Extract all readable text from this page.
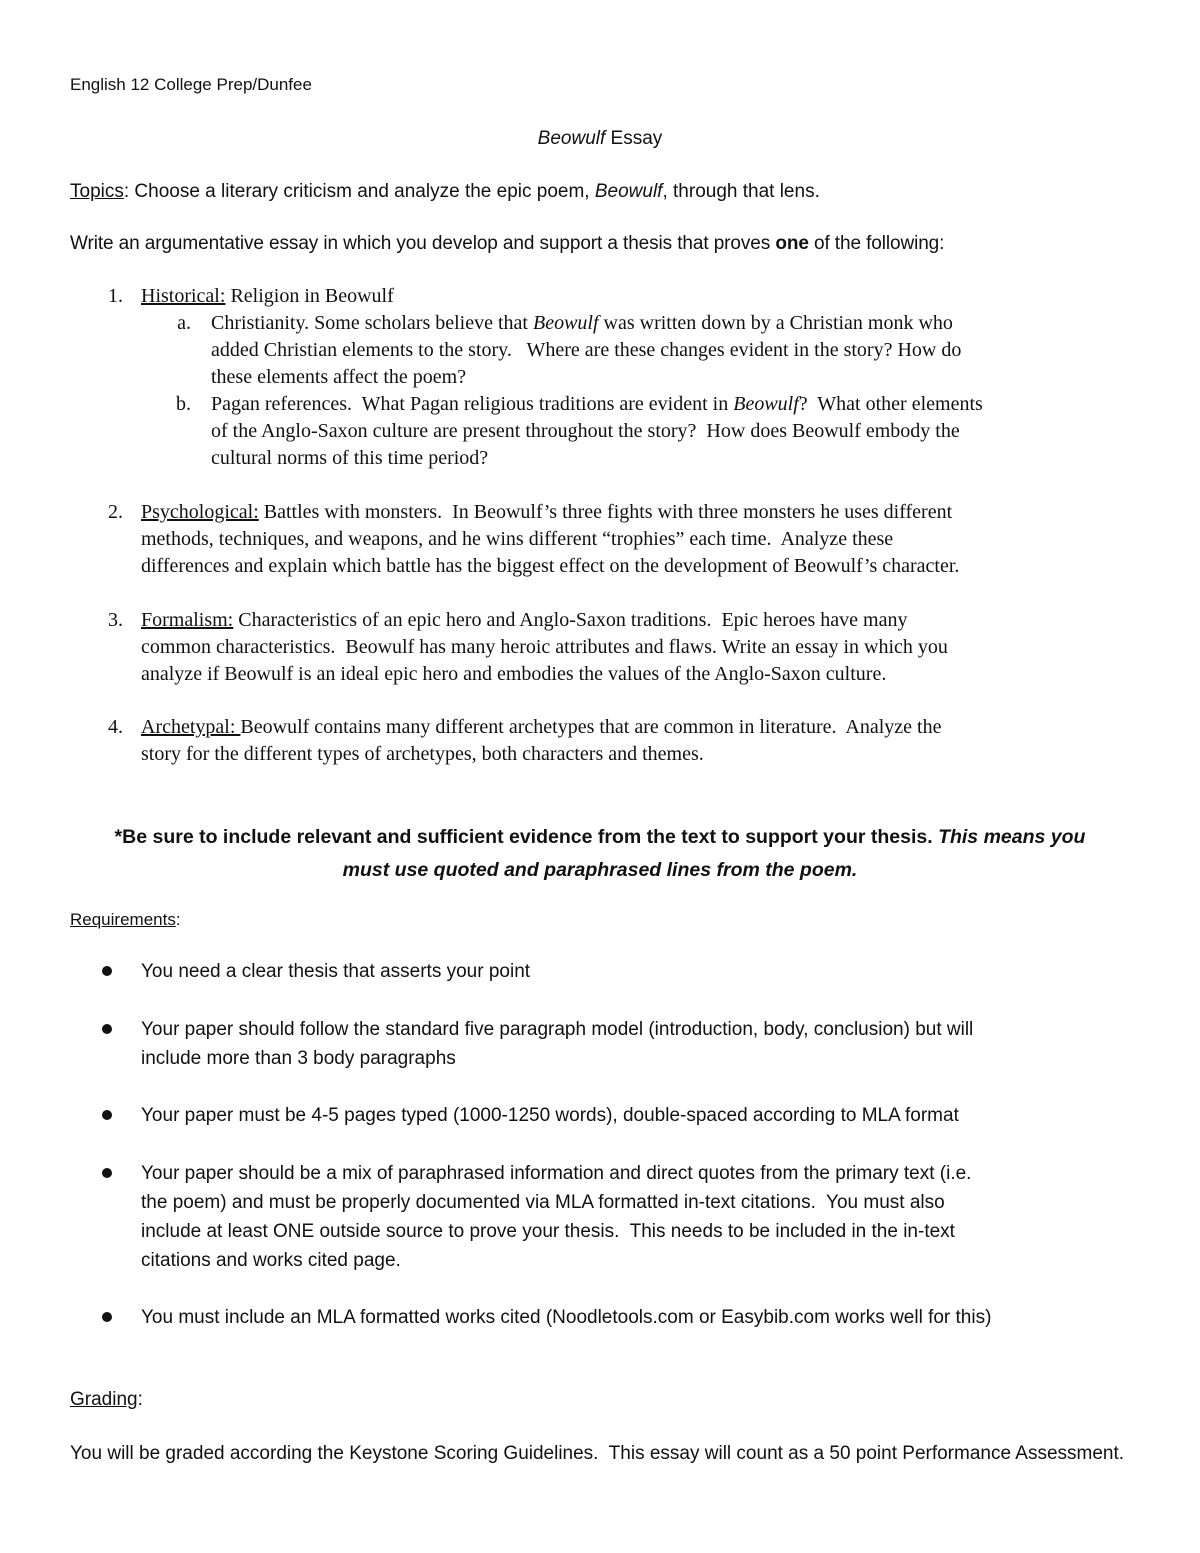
English 12 College Prep/Dunfee
Beowulf Essay
Topics: Choose a literary criticism and analyze the epic poem, Beowulf, through that lens.
Write an argumentative essay in which you develop and support a thesis that proves one of the following:
1. Historical: Religion in Beowulf
a. Christianity. Some scholars believe that Beowulf was written down by a Christian monk who
added Christian elements to the story.   Where are these changes evident in the story? How do
these elements affect the poem?
b. Pagan references.  What Pagan religious traditions are evident in Beowulf?  What other elements
of the Anglo-Saxon culture are present throughout the story?  How does Beowulf embody the
cultural norms of this time period?
2. Psychological: Battles with monsters.  In Beowulf’s three fights with three monsters he uses different
methods, techniques, and weapons, and he wins different “trophies” each time.  Analyze these
differences and explain which battle has the biggest effect on the development of Beowulf’s character.
3. Formalism: Characteristics of an epic hero and Anglo-Saxon traditions.  Epic heroes have many
common characteristics.  Beowulf has many heroic attributes and flaws. Write an essay in which you
analyze if Beowulf is an ideal epic hero and embodies the values of the Anglo-Saxon culture.
4. Archetypal: Beowulf contains many different archetypes that are common in literature.  Analyze the
story for the different types of archetypes, both characters and themes.
*Be sure to include relevant and sufficient evidence from the text to support your thesis. This means you
must use quoted and paraphrased lines from the poem.
Requirements:
You need a clear thesis that asserts your point
Your paper should follow the standard five paragraph model (introduction, body, conclusion) but will
include more than 3 body paragraphs
Your paper must be 4-5 pages typed (1000-1250 words), double-spaced according to MLA format
Your paper should be a mix of paraphrased information and direct quotes from the primary text (i.e.
the poem) and must be properly documented via MLA formatted in-text citations.  You must also
include at least ONE outside source to prove your thesis.  This needs to be included in the in-text
citations and works cited page.
You must include an MLA formatted works cited (Noodletools.com or Easybib.com works well for this)
Grading:
You will be graded according the Keystone Scoring Guidelines.  This essay will count as a 50 point Performance Assessment.
